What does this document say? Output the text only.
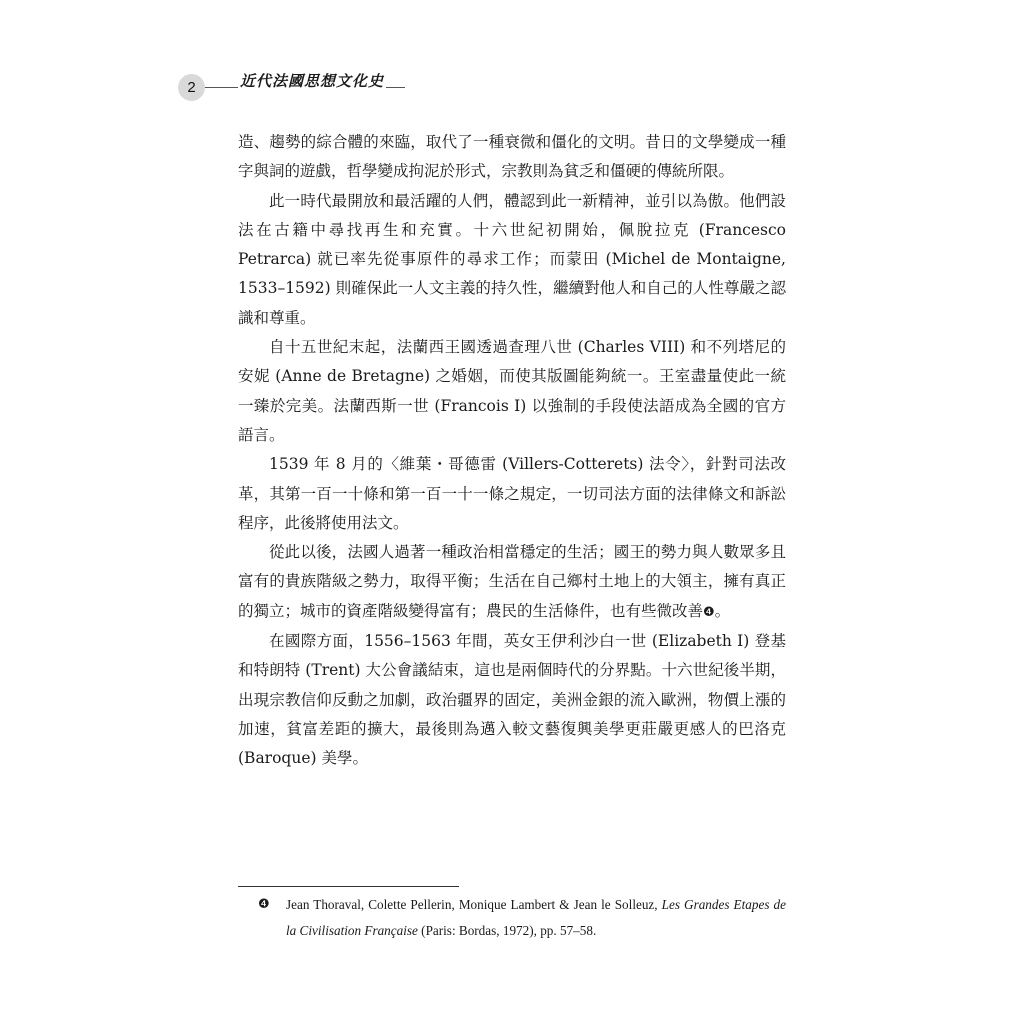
2	近代法國思想文化史

造、趨勢的綜合體的來臨，取代了一種衰微和僵化的文明。昔日的文學變成一種字與詞的遊戲，哲學變成拘泥於形式，宗教則為貧乏和僵硬的傳統所限。

此一時代最開放和最活躍的人們，體認到此一新精神，並引以為傲。他們設法在古籍中尋找再生和充實。十六世紀初開始，佩脫拉克 (Francesco Petrarca) 就已率先從事原件的尋求工作；而蒙田 (Michel de Montaigne, 1533–1592) 則確保此一人文主義的持久性，繼續對他人和自己的人性尊嚴之認識和尊重。

自十五世紀末起，法蘭西王國透過查理八世 (Charles VIII) 和不列塔尼的安妮 (Anne de Bretagne) 之婚姻，而使其版圖能夠統一。王室盡量使此一統一臻於完美。法蘭西斯一世 (Francois I) 以強制的手段使法語成為全國的官方語言。

1539 年 8 月的〈維葉・哥德雷 (Villers-Cotterets) 法令〉，針對司法改革，其第一百一十條和第一百一十一條之規定，一切司法方面的法律條文和訴訟程序，此後將使用法文。

從此以後，法國人過著一種政治相當穩定的生活；國王的勢力與人數眾多且富有的貴族階級之勢力，取得平衡；生活在自己鄉村土地上的大領主，擁有真正的獨立；城市的資產階級變得富有；農民的生活條件，也有些微改善❹。

在國際方面，1556–1563 年間，英女王伊利沙白一世 (Elizabeth I) 登基和特朗特 (Trent) 大公會議結束，這也是兩個時代的分界點。十六世紀後半期，出現宗教信仰反動之加劇，政治疆界的固定，美洲金銀的流入歐洲，物價上漲的加速，貧富差距的擴大，最後則為邁入較文藝復興美學更莊嚴更感人的巴洛克 (Baroque) 美學。

❹ Jean Thoraval, Colette Pellerin, Monique Lambert & Jean le Solleuz, Les Grandes Etapes de la Civilisation Française (Paris: Bordas, 1972), pp. 57–58.
